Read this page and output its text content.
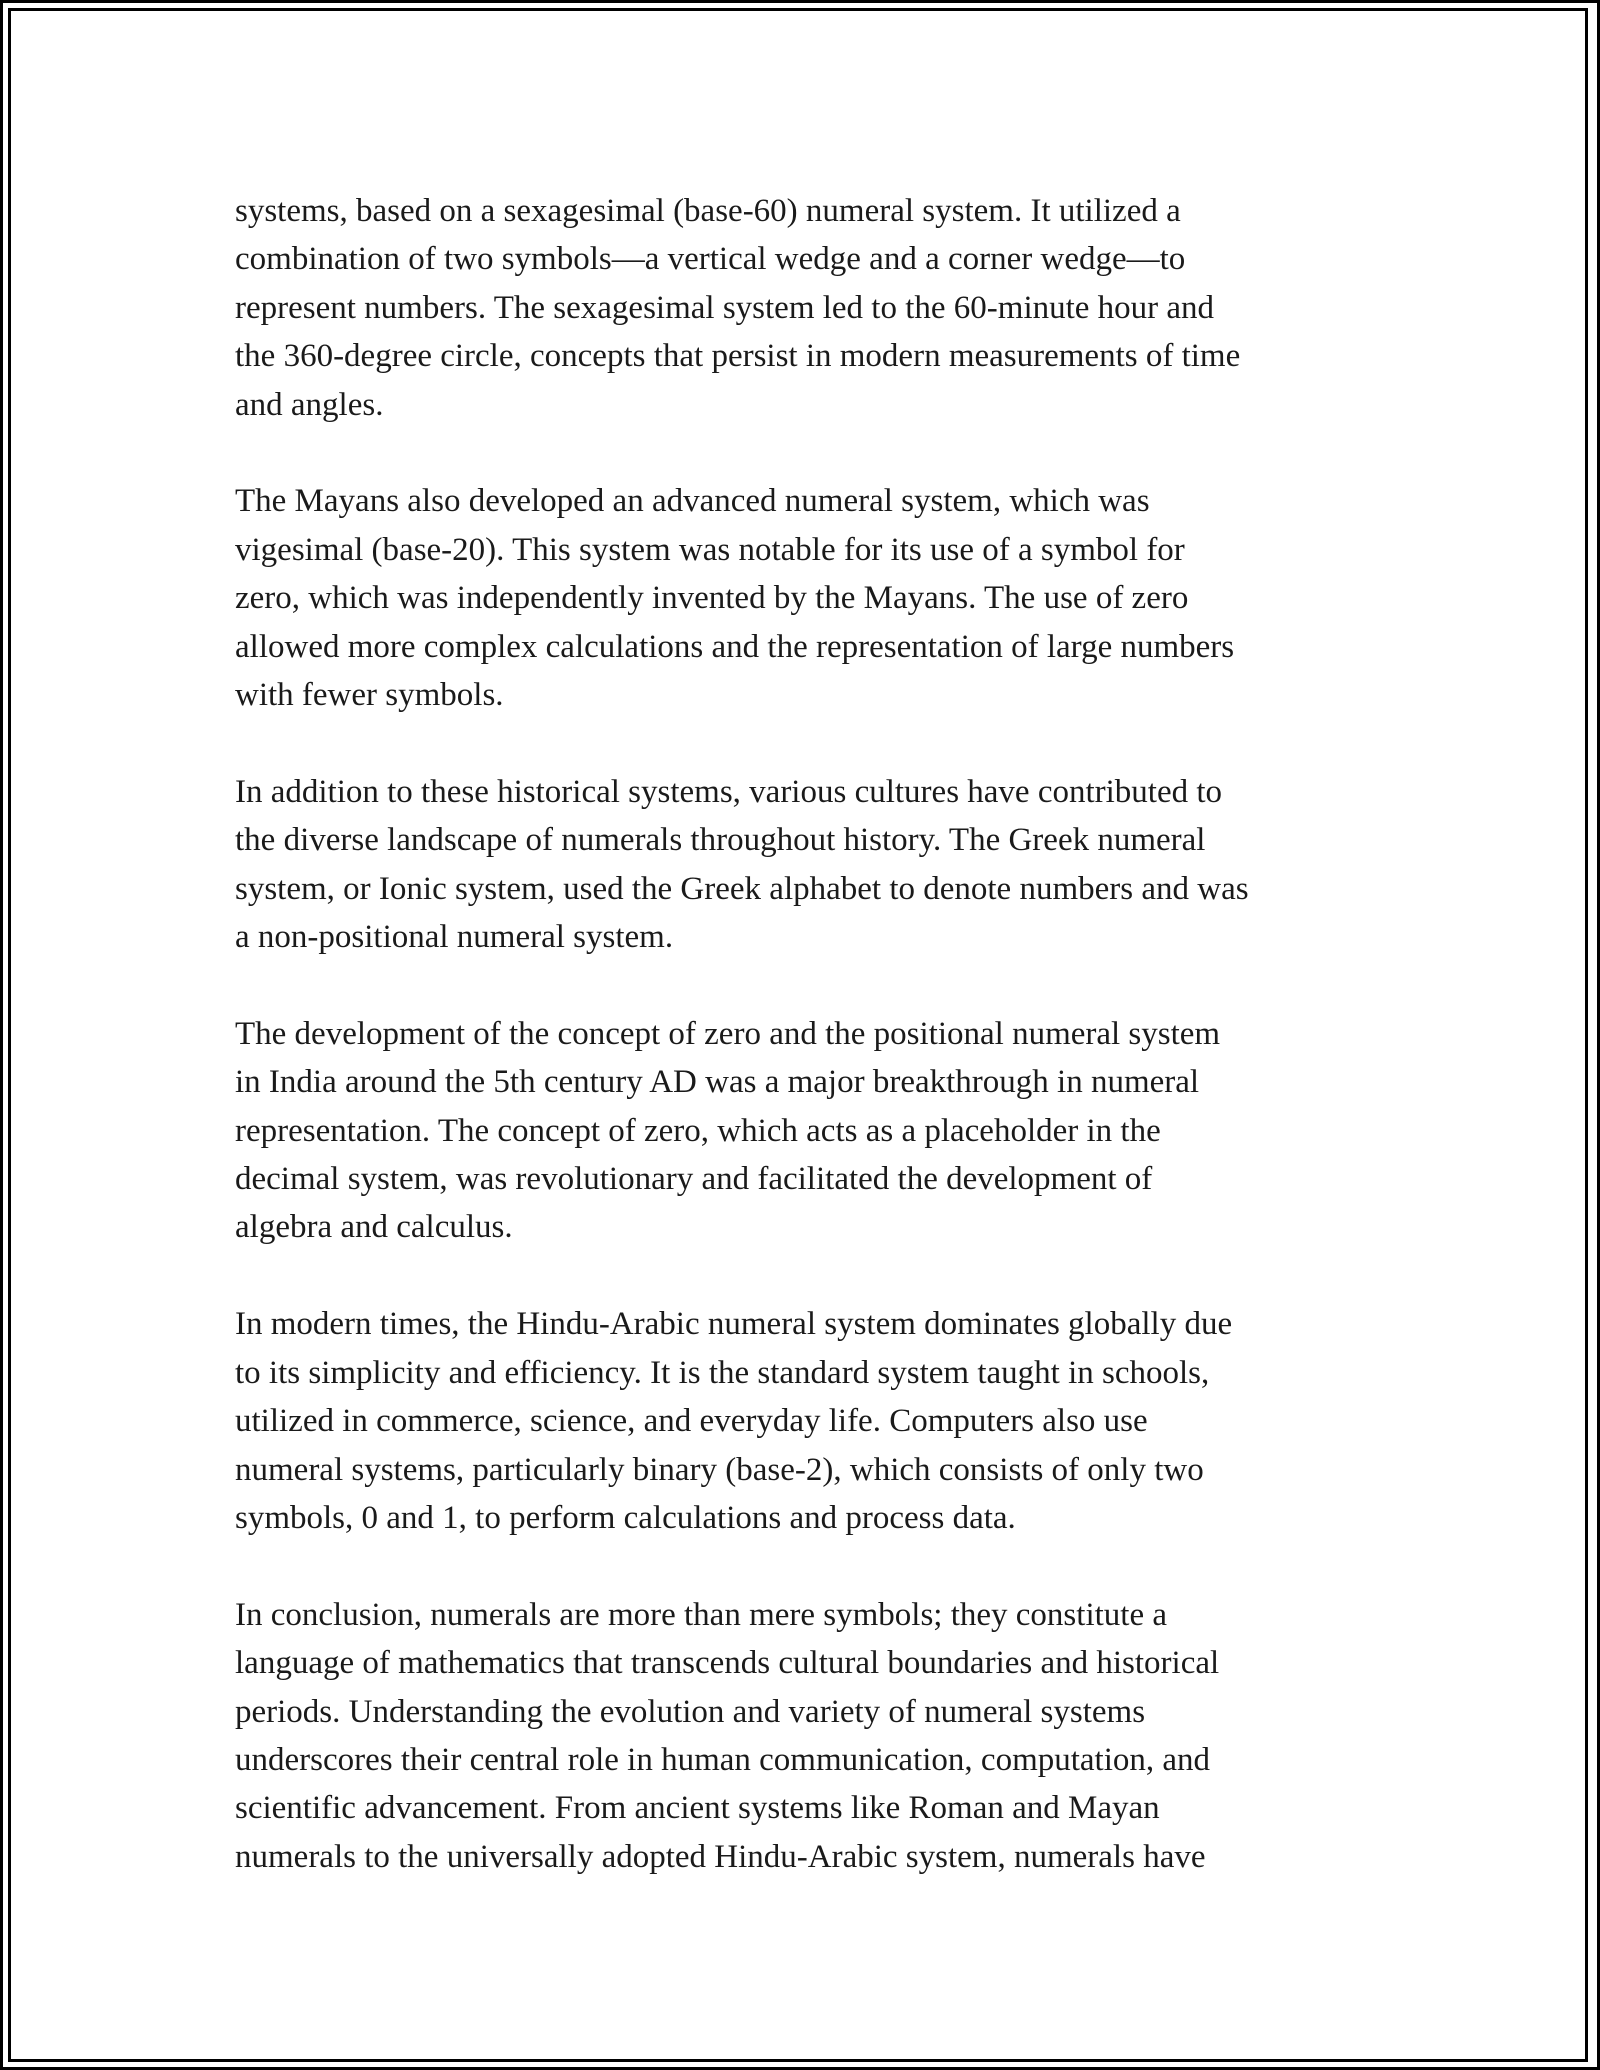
systems, based on a sexagesimal (base-60) numeral system. It utilized a
combination of two symbols—a vertical wedge and a corner wedge—to
represent numbers. The sexagesimal system led to the 60-minute hour and
the 360-degree circle, concepts that persist in modern measurements of time
and angles.

The Mayans also developed an advanced numeral system, which was
vigesimal (base-20). This system was notable for its use of a symbol for
zero, which was independently invented by the Mayans. The use of zero
allowed more complex calculations and the representation of large numbers
with fewer symbols.

In addition to these historical systems, various cultures have contributed to
the diverse landscape of numerals throughout history. The Greek numeral
system, or Ionic system, used the Greek alphabet to denote numbers and was
a non-positional numeral system.

The development of the concept of zero and the positional numeral system
in India around the 5th century AD was a major breakthrough in numeral
representation. The concept of zero, which acts as a placeholder in the
decimal system, was revolutionary and facilitated the development of
algebra and calculus.

In modern times, the Hindu-Arabic numeral system dominates globally due
to its simplicity and efficiency. It is the standard system taught in schools,
utilized in commerce, science, and everyday life. Computers also use
numeral systems, particularly binary (base-2), which consists of only two
symbols, 0 and 1, to perform calculations and process data.

In conclusion, numerals are more than mere symbols; they constitute a
language of mathematics that transcends cultural boundaries and historical
periods. Understanding the evolution and variety of numeral systems
underscores their central role in human communication, computation, and
scientific advancement. From ancient systems like Roman and Mayan
numerals to the universally adopted Hindu-Arabic system, numerals have
